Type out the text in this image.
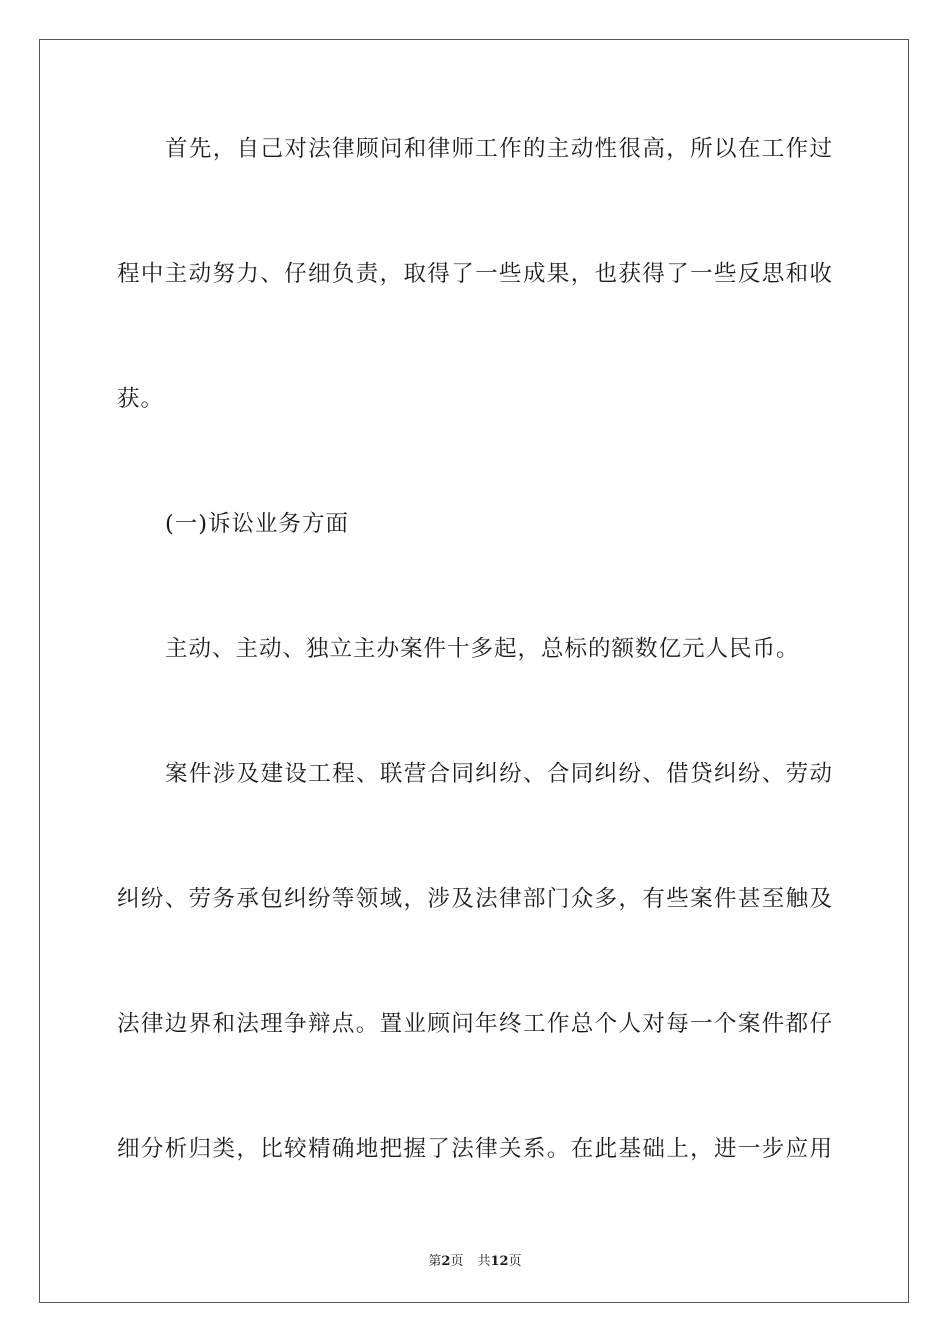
首先，自己对法律顾问和律师工作的主动性很高，所以在工作过
程中主动努力、仔细负责，取得了一些成果，也获得了一些反思和收
获。
(一)诉讼业务方面
主动、主动、独立主办案件十多起，总标的额数亿元人民币。
案件涉及建设工程、联营合同纠纷、合同纠纷、借贷纠纷、劳动
纠纷、劳务承包纠纷等领域，涉及法律部门众多，有些案件甚至触及
法律边界和法理争辩点。置业顾问年终工作总个人对每一个案件都仔
细分析归类，比较精确地把握了法律关系。在此基础上，进一步应用
第2页 共12页
